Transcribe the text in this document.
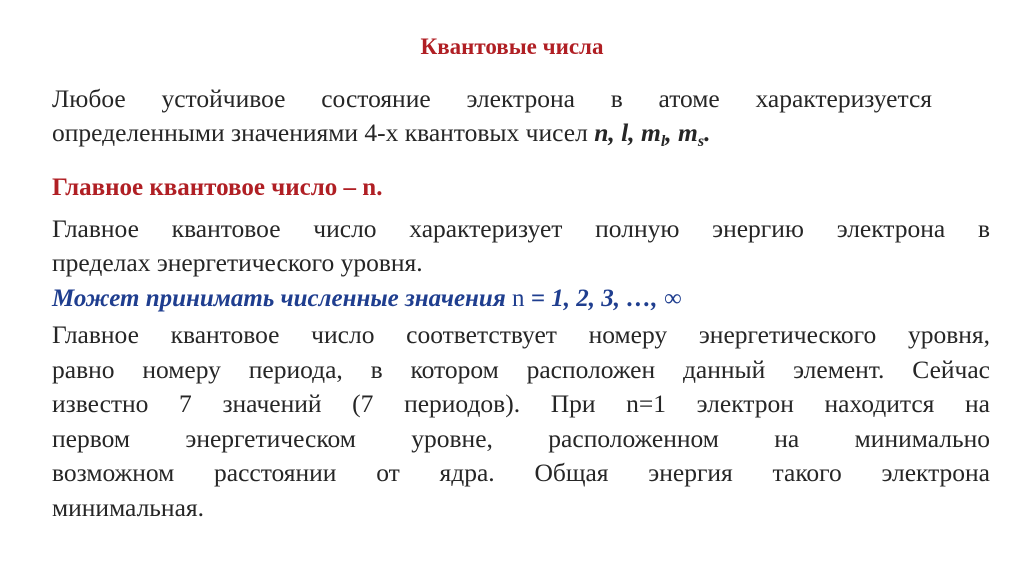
Квантовые числа
Любое устойчивое состояние электрона в атоме характеризуется
определенными значениями 4-х квантовых чисел n, l, $m_l$, $m_s$.
Главное квантовое число – n.
Главное квантовое число характеризует полную энергию электрона в
пределах энергетического уровня.
Может принимать численные значения n = 1, 2, 3, …, ∞
Главное квантовое число соответствует номеру энергетического уровня,
равно номеру периода, в котором расположен данный элемент. Сейчас
известно 7 значений (7 периодов). При n=1 электрон находится на
первом энергетическом уровне, расположенном на минимально
возможном расстоянии от ядра. Общая энергия такого электрона
минимальная.
